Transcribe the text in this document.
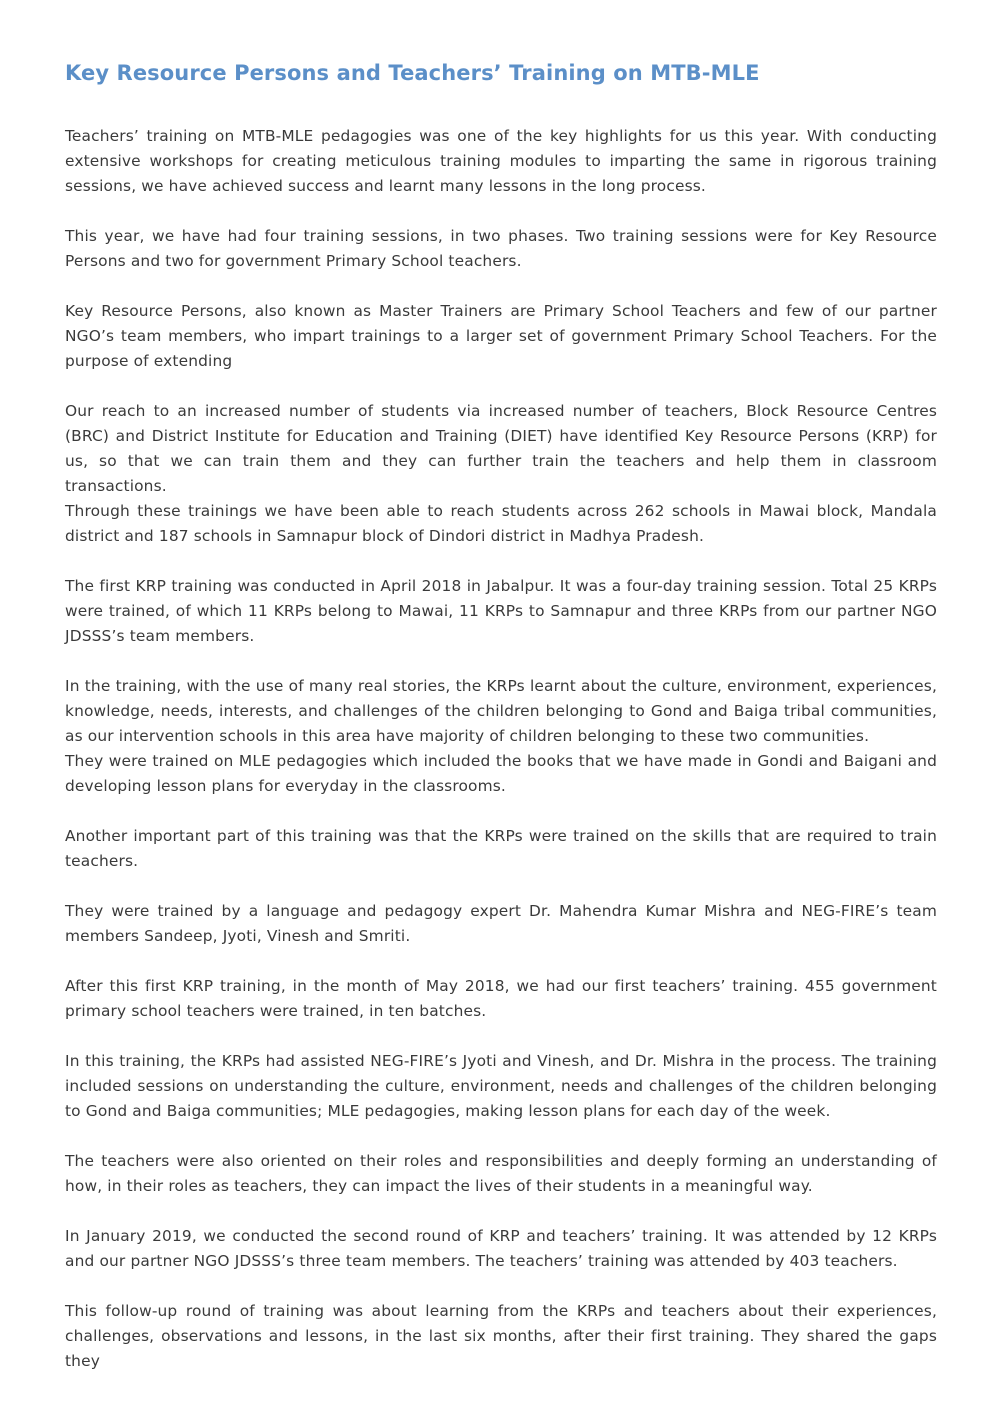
Key Resource Persons and Teachers’ Training on MTB-MLE

Teachers’ training on MTB-MLE pedagogies was one of the key highlights for us this year. With conducting extensive workshops for creating meticulous training modules to imparting the same in rigorous training sessions, we have achieved success and learnt many lessons in the long process.

This year, we have had four training sessions, in two phases. Two training sessions were for Key Resource Persons and two for government Primary School teachers.

Key Resource Persons, also known as Master Trainers are Primary School Teachers and few of our partner NGO’s team members, who impart trainings to a larger set of government Primary School Teachers. For the purpose of extending

Our reach to an increased number of students via increased number of teachers, Block Resource Centres (BRC) and District Institute for Education and Training (DIET) have identified Key Resource Persons (KRP) for us, so that we can train them and they can further train the teachers and help them in classroom transactions.

Through these trainings we have been able to reach students across 262 schools in Mawai block, Mandala district and 187 schools in Samnapur block of Dindori district in Madhya Pradesh.

The first KRP training was conducted in April 2018 in Jabalpur. It was a four-day training session. Total 25 KRPs were trained, of which 11 KRPs belong to Mawai, 11 KRPs to Samnapur and three KRPs from our partner NGO JDSSS’s team members.

In the training, with the use of many real stories, the KRPs learnt about the culture, environment, experiences, knowledge, needs, interests, and challenges of the children belonging to Gond and Baiga tribal communities, as our intervention schools in this area have majority of children belonging to these two communities.

They were trained on MLE pedagogies which included the books that we have made in Gondi and Baigani and developing lesson plans for everyday in the classrooms.

Another important part of this training was that the KRPs were trained on the skills that are required to train teachers.

They were trained by a language and pedagogy expert Dr. Mahendra Kumar Mishra and NEG-FIRE’s team members Sandeep, Jyoti, Vinesh and Smriti.

After this first KRP training, in the month of May 2018, we had our first teachers’ training. 455 government primary school teachers were trained, in ten batches.

In this training, the KRPs had assisted NEG-FIRE’s Jyoti and Vinesh, and Dr. Mishra in the process. The training included sessions on understanding the culture, environment, needs and challenges of the children belonging to Gond and Baiga communities; MLE pedagogies, making lesson plans for each day of the week.

The teachers were also oriented on their roles and responsibilities and deeply forming an understanding of how, in their roles as teachers, they can impact the lives of their students in a meaningful way.

In January 2019, we conducted the second round of KRP and teachers’ training. It was attended by 12 KRPs and our partner NGO JDSSS’s three team members. The teachers’ training was attended by 403 teachers.

This follow-up round of training was about learning from the KRPs and teachers about their experiences, challenges, observations and lessons, in the last six months, after their first training. They shared the gaps they
